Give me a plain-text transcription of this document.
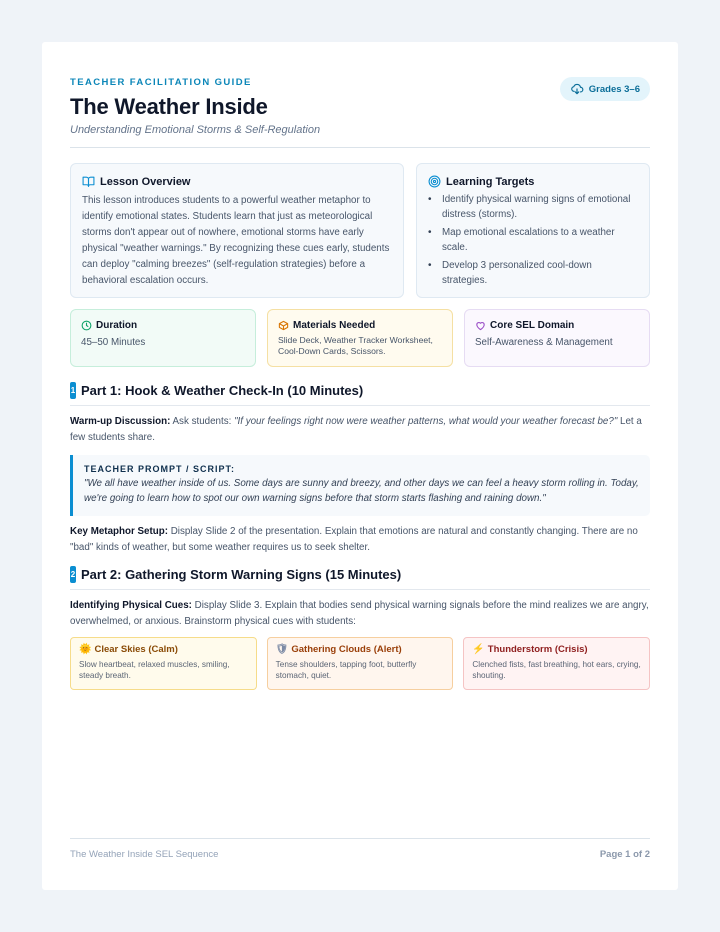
TEACHER FACILITATION GUIDE
Grades 3–6
The Weather Inside
Understanding Emotional Storms & Self-Regulation
Lesson Overview
This lesson introduces students to a powerful weather metaphor to identify emotional states. Students learn that just as meteorological storms don't appear out of nowhere, emotional storms have early physical "weather warnings." By recognizing these cues early, students can deploy "calming breezes" (self-regulation strategies) before a behavioral escalation occurs.
Learning Targets
• Identify physical warning signs of emotional distress (storms).
• Map emotional escalations to a weather scale.
• Develop 3 personalized cool-down strategies.
Duration
45–50 Minutes
Materials Needed
Slide Deck, Weather Tracker Worksheet, Cool-Down Cards, Scissors.
Core SEL Domain
Self-Awareness & Management
1 Part 1: Hook & Weather Check-In (10 Minutes)
Warm-up Discussion: Ask students: "If your feelings right now were weather patterns, what would your weather forecast be?" Let a few students share.
TEACHER PROMPT / SCRIPT:
"We all have weather inside of us. Some days are sunny and breezy, and other days we can feel a heavy storm rolling in. Today, we're going to learn how to spot our own warning signs before that storm starts flashing and raining down."
Key Metaphor Setup: Display Slide 2 of the presentation. Explain that emotions are natural and constantly changing. There are no "bad" kinds of weather, but some weather requires us to seek shelter.
2 Part 2: Gathering Storm Warning Signs (15 Minutes)
Identifying Physical Cues: Display Slide 3. Explain that bodies send physical warning signals before the mind realizes we are angry, overwhelmed, or anxious. Brainstorm physical cues with students:
🌞 Clear Skies (Calm)
Slow heartbeat, relaxed muscles, smiling, steady breath.
🛡 Gathering Clouds (Alert)
Tense shoulders, tapping foot, butterfly stomach, quiet.
⚡ Thunderstorm (Crisis)
Clenched fists, fast breathing, hot ears, crying, shouting.
The Weather Inside SEL Sequence	Page 1 of 2
